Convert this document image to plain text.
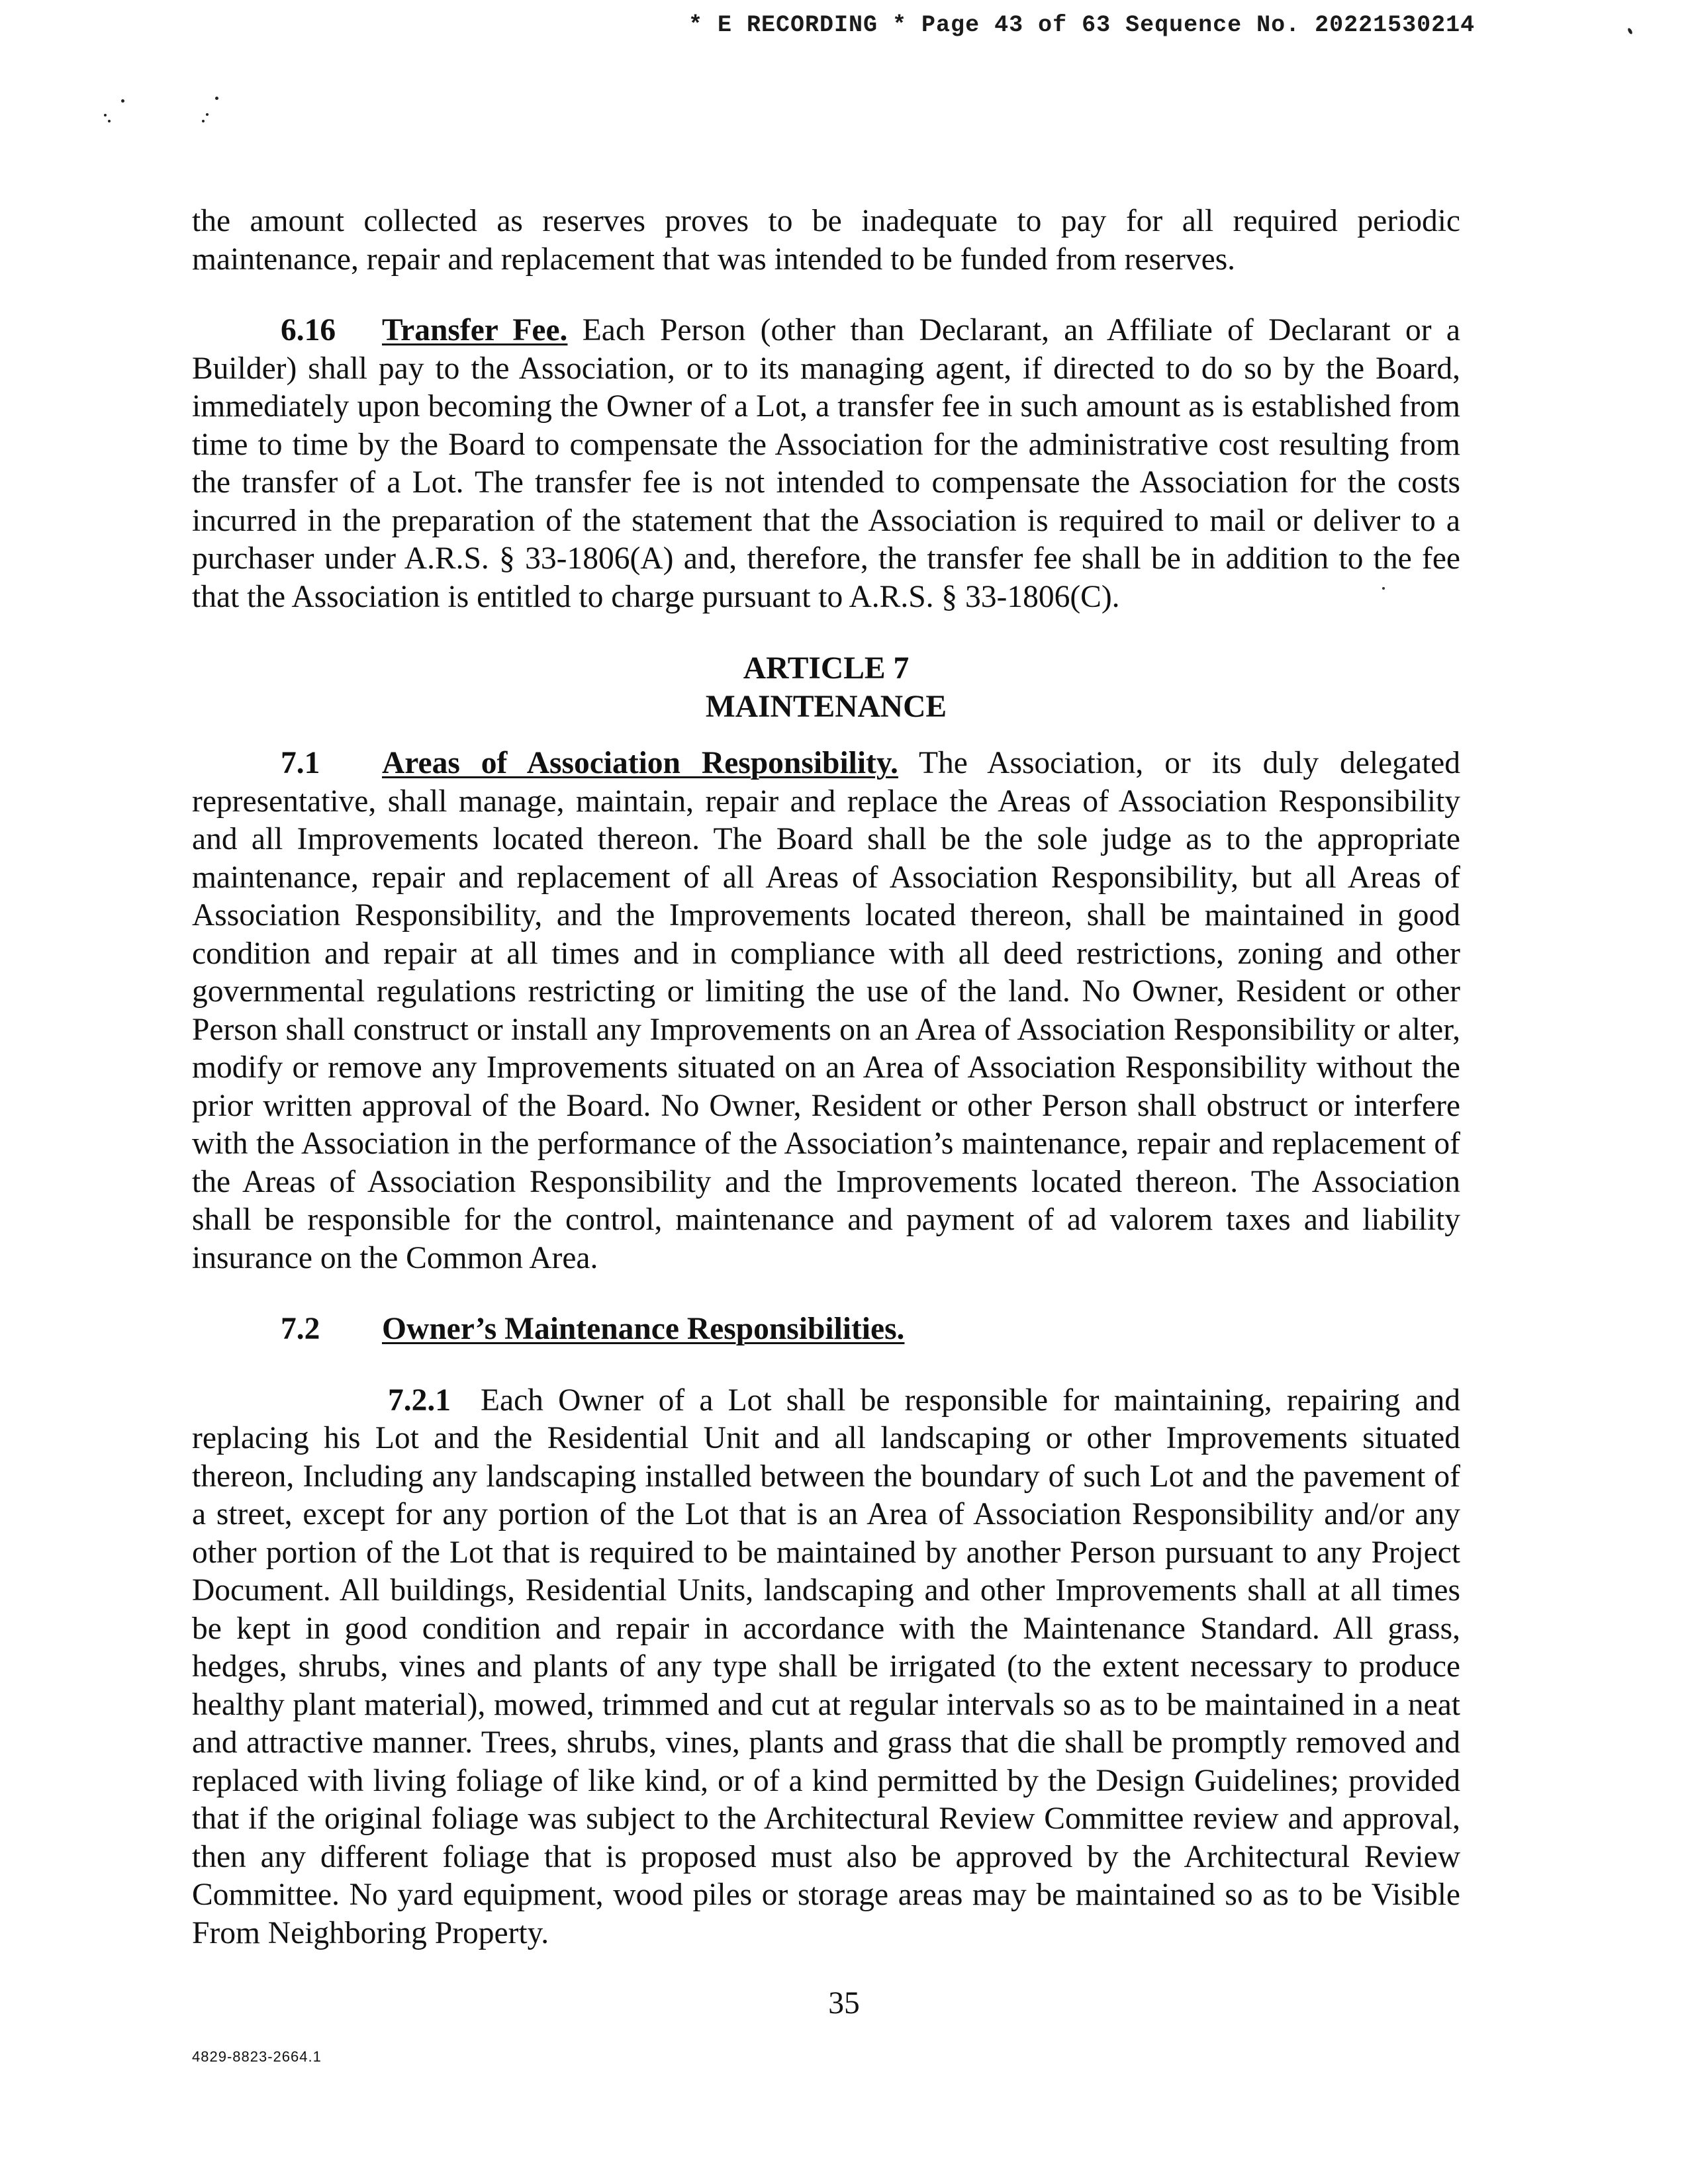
* E RECORDING * Page 43 of 63 Sequence No. 20221530214

the amount collected as reserves proves to be inadequate to pay for all required periodic maintenance, repair and replacement that was intended to be funded from reserves.

6.16 Transfer Fee. Each Person (other than Declarant, an Affiliate of Declarant or a Builder) shall pay to the Association, or to its managing agent, if directed to do so by the Board, immediately upon becoming the Owner of a Lot, a transfer fee in such amount as is established from time to time by the Board to compensate the Association for the administrative cost resulting from the transfer of a Lot. The transfer fee is not intended to compensate the Association for the costs incurred in the preparation of the statement that the Association is required to mail or deliver to a purchaser under A.R.S. § 33-1806(A) and, therefore, the transfer fee shall be in addition to the fee that the Association is entitled to charge pursuant to A.R.S. § 33-1806(C).

ARTICLE 7

MAINTENANCE

7.1 Areas of Association Responsibility. The Association, or its duly delegated representative, shall manage, maintain, repair and replace the Areas of Association Responsibility and all Improvements located thereon. The Board shall be the sole judge as to the appropriate maintenance, repair and replacement of all Areas of Association Responsibility, but all Areas of Association Responsibility, and the Improvements located thereon, shall be maintained in good condition and repair at all times and in compliance with all deed restrictions, zoning and other governmental regulations restricting or limiting the use of the land. No Owner, Resident or other Person shall construct or install any Improvements on an Area of Association Responsibility or alter, modify or remove any Improvements situated on an Area of Association Responsibility without the prior written approval of the Board. No Owner, Resident or other Person shall obstruct or interfere with the Association in the performance of the Association’s maintenance, repair and replacement of the Areas of Association Responsibility and the Improvements located thereon. The Association shall be responsible for the control, maintenance and payment of ad valorem taxes and liability insurance on the Common Area.

7.2 Owner’s Maintenance Responsibilities.

7.2.1 Each Owner of a Lot shall be responsible for maintaining, repairing and replacing his Lot and the Residential Unit and all landscaping or other Improvements situated thereon, Including any landscaping installed between the boundary of such Lot and the pavement of a street, except for any portion of the Lot that is an Area of Association Responsibility and/or any other portion of the Lot that is required to be maintained by another Person pursuant to any Project Document. All buildings, Residential Units, landscaping and other Improvements shall at all times be kept in good condition and repair in accordance with the Maintenance Standard. All grass, hedges, shrubs, vines and plants of any type shall be irrigated (to the extent necessary to produce healthy plant material), mowed, trimmed and cut at regular intervals so as to be maintained in a neat and attractive manner. Trees, shrubs, vines, plants and grass that die shall be promptly removed and replaced with living foliage of like kind, or of a kind permitted by the Design Guidelines; provided that if the original foliage was subject to the Architectural Review Committee review and approval, then any different foliage that is proposed must also be approved by the Architectural Review Committee. No yard equipment, wood piles or storage areas may be maintained so as to be Visible From Neighboring Property.

35
4829-8823-2664.1
